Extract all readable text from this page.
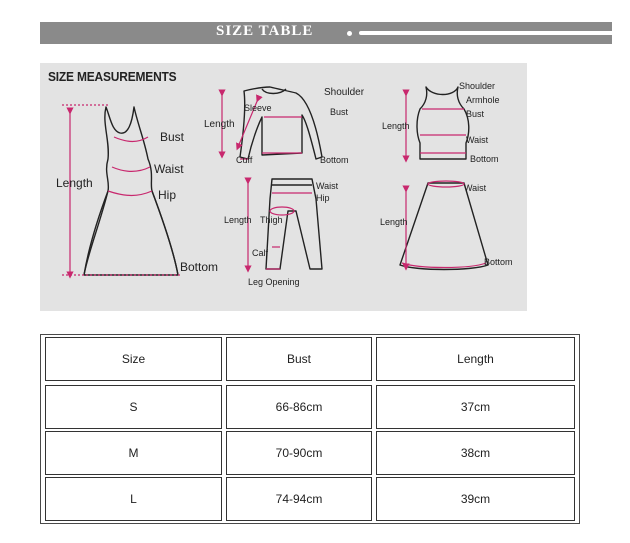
SIZE TABLE
SIZE MEASUREMENTS
Bust
Waist
Length
Hip
Bottom
Sleeve
Shoulder
Length
Bust
Cuff	Bottom
Shoulder
Armhole
Bust
Length
Waist
Bottom
Waist
Hip
Length Thigh
Calf
Leg Opening
Waist
Length
Bottom
Size	Bust	Length
S	66-86cm	37cm
M	70-90cm	38cm
L	74-94cm	39cm
